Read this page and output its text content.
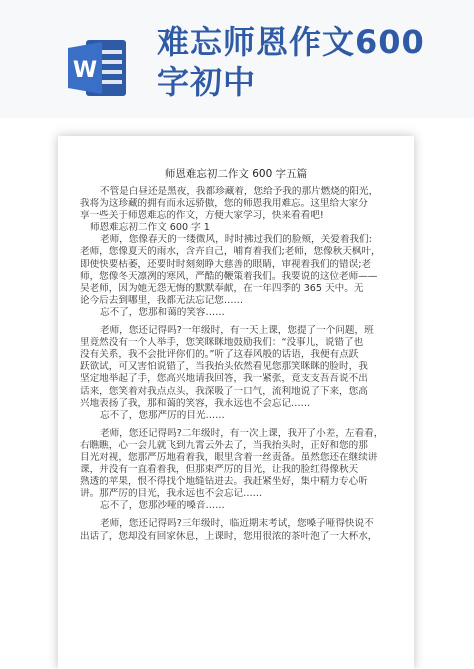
W
难忘师恩作文600字初中
师恩难忘初二作文 600 字五篇
不管是白昼还是黑夜，我都珍藏着，您给予我的那片燃烧的阳光，
我将为这珍藏的拥有而永远骄傲，您的师恩我用难忘。这里给大家分
享一些关于师恩难忘的作文，方便大家学习，快来看看吧!
师恩难忘初二作文 600 字 1
老师，您像春天的一缕微风，时时拂过我们的脸颊，关爱着我们:
老师，您像夏天的雨水，含卉自己，哺育着我们;老师，您像秋天枫叶，
即使快要枯萎，还要时时刻刻睁大慈善的眼睛，审视着我们的错误;老
师，您像冬天凛冽的寒风，严酷的鞭策着我们。我要说的这位老师——
吴老师，因为她无怨无悔的默默奉献，在一年四季的 365 天中。无
论今后去到哪里，我都无法忘记您……
忘不了，您那和蔼的笑容……
老师，您还记得吗?一年级时，有一天上课，您提了一个问题，班
里竟然没有一个人举手，您笑眯眯地鼓励我们：“没事儿，说错了也
没有关系，我不会批评你们的。”听了这春风般的话语，我便有点跃
跃欲试，可又害怕说错了，当我抬头依然看见您那笑眯眯的脸时，我
坚定地举起了手，您高兴地请我回答，我一紧张，竟支支吾吾说不出
话来，您笑着对我点点头，我深吸了一口气，流利地说了下来，您高
兴地表扬了我，那和蔼的笑容，我永远也不会忘记……
忘不了，您那严厉的目光……
老师，您还记得吗?二年级时，有一次上课，我开了小差，左看看，
右瞧瞧，心一会儿就飞到九霄云外去了，当我抬头时，正好和您的那
目光对视，您那严厉地看着我，眼里含着一丝责备。虽然您还在继续讲
课，并没有一直看着我，但那束严厉的目光，让我的脸红得像秋天
熟透的苹果，恨不得找个地缝钻进去。我赶紧坐好，集中精力专心听
讲。那严厉的目光，我永远也不会忘记……
忘不了，您那沙哑的嗓音……
老师，您还记得吗?三年级时，临近期末考试，您嗓子哑得快说不
出话了，您却没有回家休息，上课时，您用很浓的茶叶泡了一大杯水，
